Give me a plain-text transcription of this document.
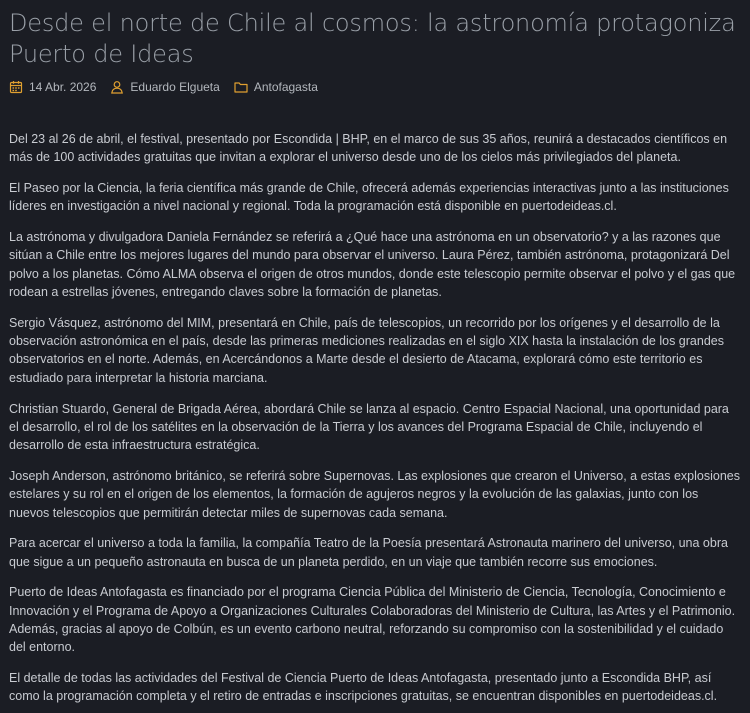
Desde el norte de Chile al cosmos: la astronomía protagoniza Puerto de Ideas
14 Abr. 2026	Eduardo Elgueta	Antofagasta

Del 23 al 26 de abril, el festival, presentado por Escondida | BHP, en el marco de sus 35 años, reunirá a destacados científicos en más de 100 actividades gratuitas que invitan a explorar el universo desde uno de los cielos más privilegiados del planeta.

El Paseo por la Ciencia, la feria científica más grande de Chile, ofrecerá además experiencias interactivas junto a las instituciones líderes en investigación a nivel nacional y regional. Toda la programación está disponible en puertodeideas.cl.

La astrónoma y divulgadora Daniela Fernández se referirá a ¿Qué hace una astrónoma en un observatorio? y a las razones que sitúan a Chile entre los mejores lugares del mundo para observar el universo. Laura Pérez, también astrónoma, protagonizará Del polvo a los planetas. Cómo ALMA observa el origen de otros mundos, donde este telescopio permite observar el polvo y el gas que rodean a estrellas jóvenes, entregando claves sobre la formación de planetas.

Sergio Vásquez, astrónomo del MIM, presentará en Chile, país de telescopios, un recorrido por los orígenes y el desarrollo de la observación astronómica en el país, desde las primeras mediciones realizadas en el siglo XIX hasta la instalación de los grandes observatorios en el norte. Además, en Acercándonos a Marte desde el desierto de Atacama, explorará cómo este territorio es estudiado para interpretar la historia marciana.

Christian Stuardo, General de Brigada Aérea, abordará Chile se lanza al espacio. Centro Espacial Nacional, una oportunidad para el desarrollo, el rol de los satélites en la observación de la Tierra y los avances del Programa Espacial de Chile, incluyendo el desarrollo de esta infraestructura estratégica.

Joseph Anderson, astrónomo británico, se referirá sobre Supernovas. Las explosiones que crearon el Universo, a estas explosiones estelares y su rol en el origen de los elementos, la formación de agujeros negros y la evolución de las galaxias, junto con los nuevos telescopios que permitirán detectar miles de supernovas cada semana.

Para acercar el universo a toda la familia, la compañía Teatro de la Poesía presentará Astronauta marinero del universo, una obra que sigue a un pequeño astronauta en busca de un planeta perdido, en un viaje que también recorre sus emociones.

Puerto de Ideas Antofagasta es financiado por el programa Ciencia Pública del Ministerio de Ciencia, Tecnología, Conocimiento e Innovación y el Programa de Apoyo a Organizaciones Culturales Colaboradoras del Ministerio de Cultura, las Artes y el Patrimonio. Además, gracias al apoyo de Colbún, es un evento carbono neutral, reforzando su compromiso con la sostenibilidad y el cuidado del entorno.

El detalle de todas las actividades del Festival de Ciencia Puerto de Ideas Antofagasta, presentado junto a Escondida BHP, así como la programación completa y el retiro de entradas e inscripciones gratuitas, se encuentran disponibles en puertodeideas.cl.
